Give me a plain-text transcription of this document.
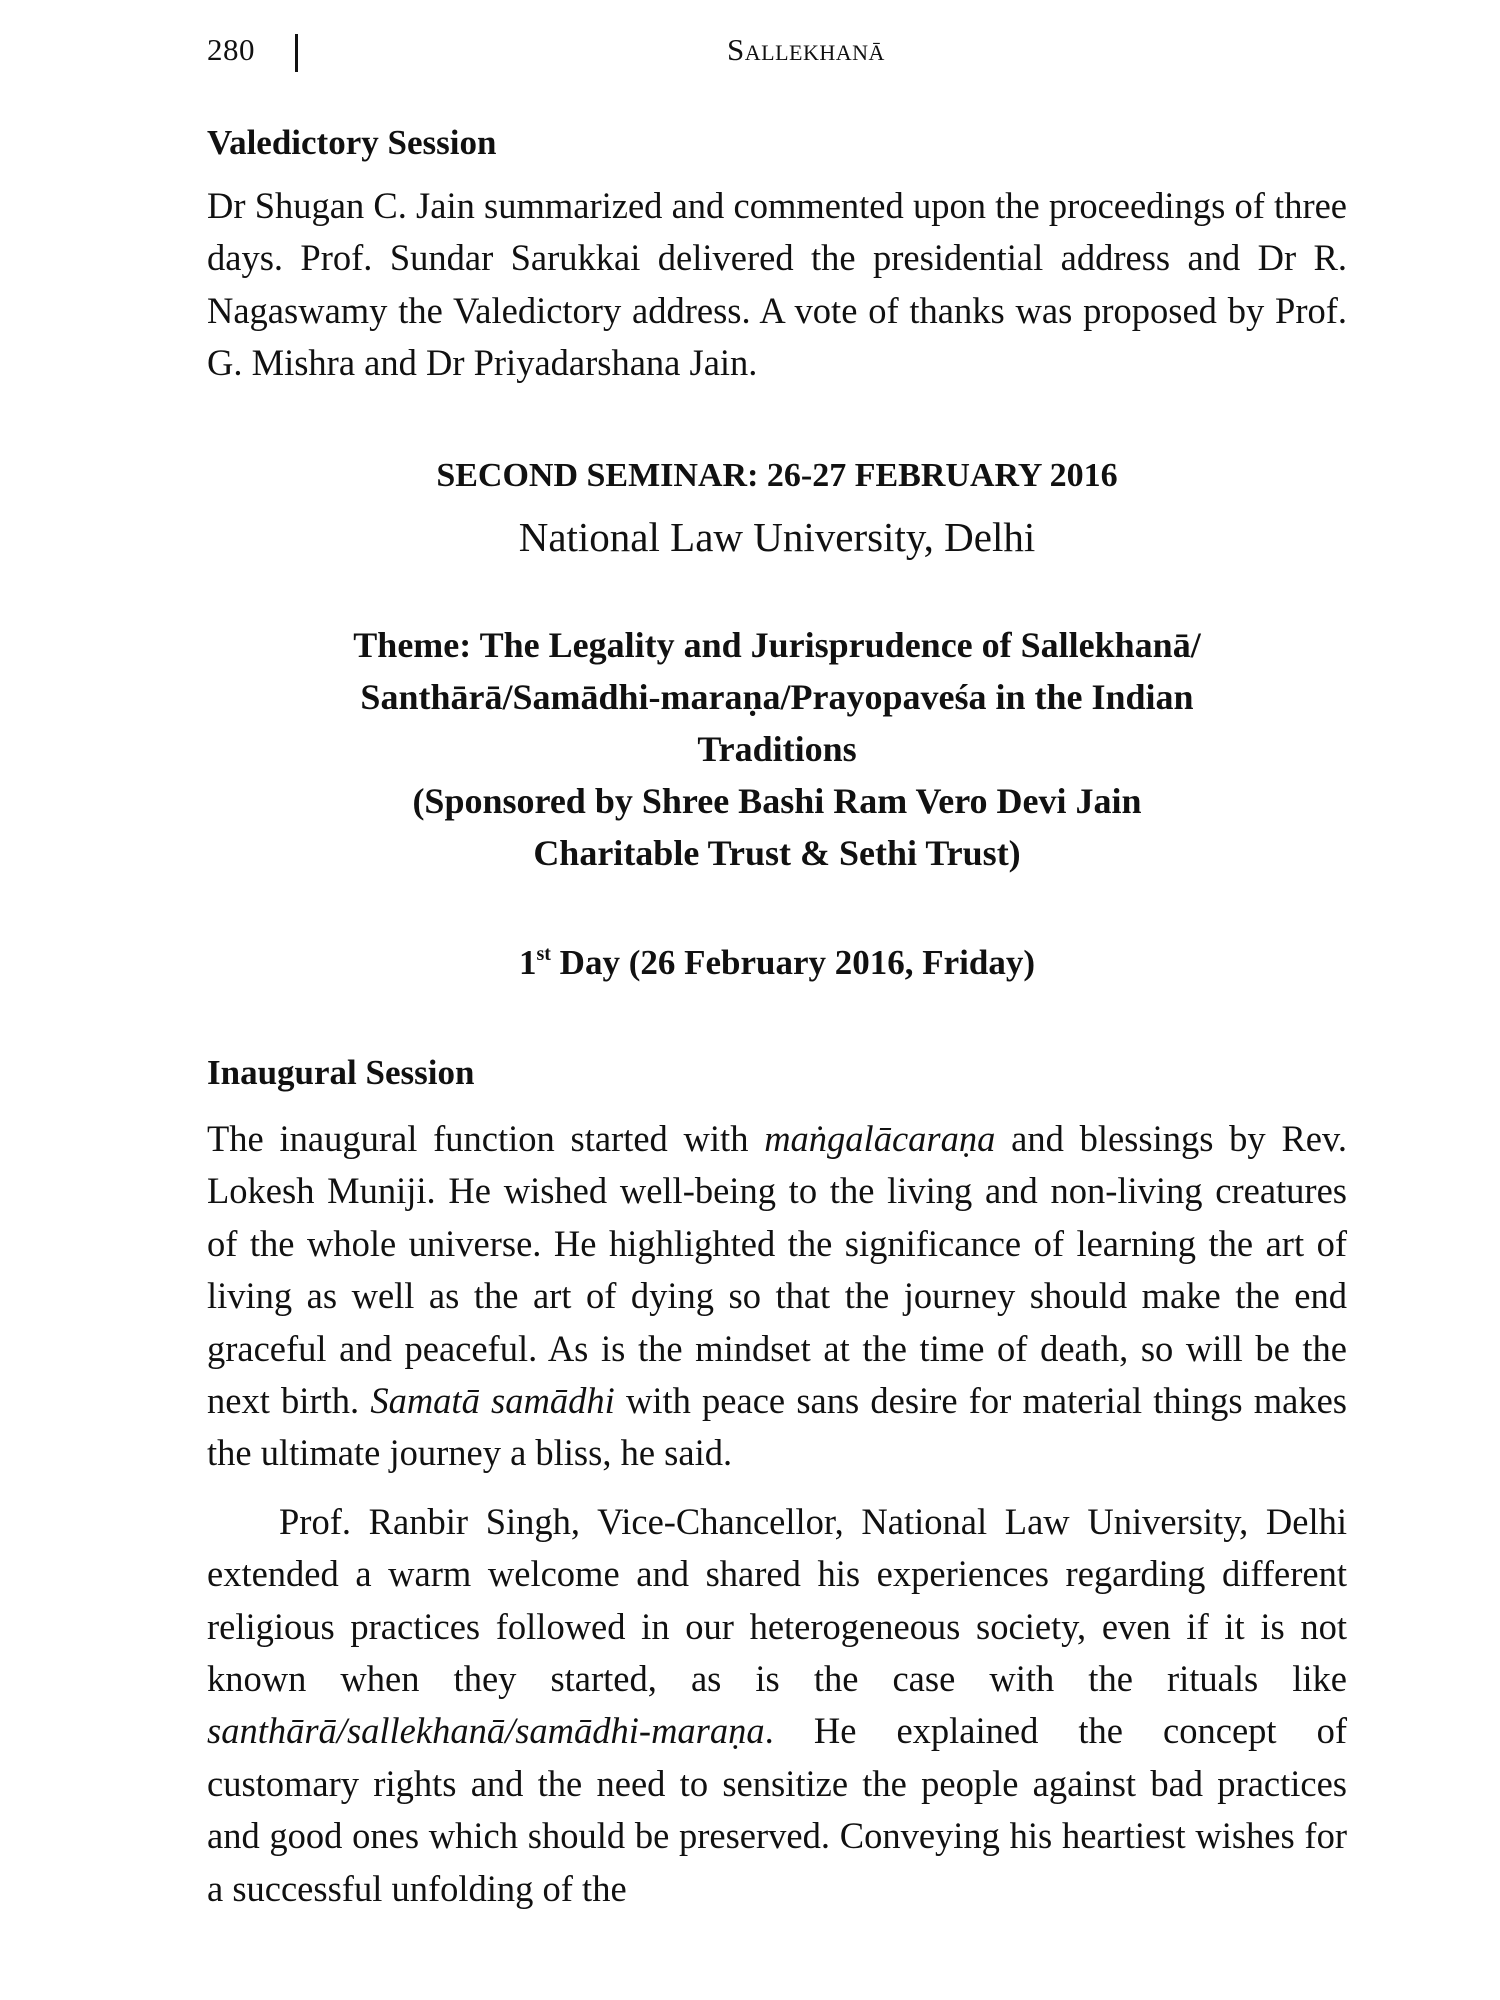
280	Sallekhanā
Valedictory Session
Dr Shugan C. Jain summarized and commented upon the proceedings of three days. Prof. Sundar Sarukkai delivered the presidential address and Dr R. Nagaswamy the Valedictory address. A vote of thanks was proposed by Prof. G. Mishra and Dr Priyadarshana Jain.
SECOND SEMINAR: 26-27 FEBRUARY 2016
National Law University, Delhi
Theme: The Legality and Jurisprudence of Sallekhanā/
Santhārā/Samādhi-maraṇa/Prayopaveśa in the Indian
Traditions
(Sponsored by Shree Bashi Ram Vero Devi Jain
Charitable Trust & Sethi Trust)
1st Day (26 February 2016, Friday)
Inaugural Session
The inaugural function started with maṅgalācaraṇa and blessings by Rev. Lokesh Muniji. He wished well-being to the living and non-living creatures of the whole universe. He highlighted the significance of learning the art of living as well as the art of dying so that the journey should make the end graceful and peaceful. As is the mindset at the time of death, so will be the next birth. Samatā samādhi with peace sans desire for material things makes the ultimate journey a bliss, he said.
Prof. Ranbir Singh, Vice-Chancellor, National Law University, Delhi extended a warm welcome and shared his experiences regarding different religious practices followed in our heterogeneous society, even if it is not known when they started, as is the case with the rituals like santhārā/sallekhanā/samādhi-maraṇa. He explained the concept of customary rights and the need to sensitize the people against bad practices and good ones which should be preserved. Conveying his heartiest wishes for a successful unfolding of the
